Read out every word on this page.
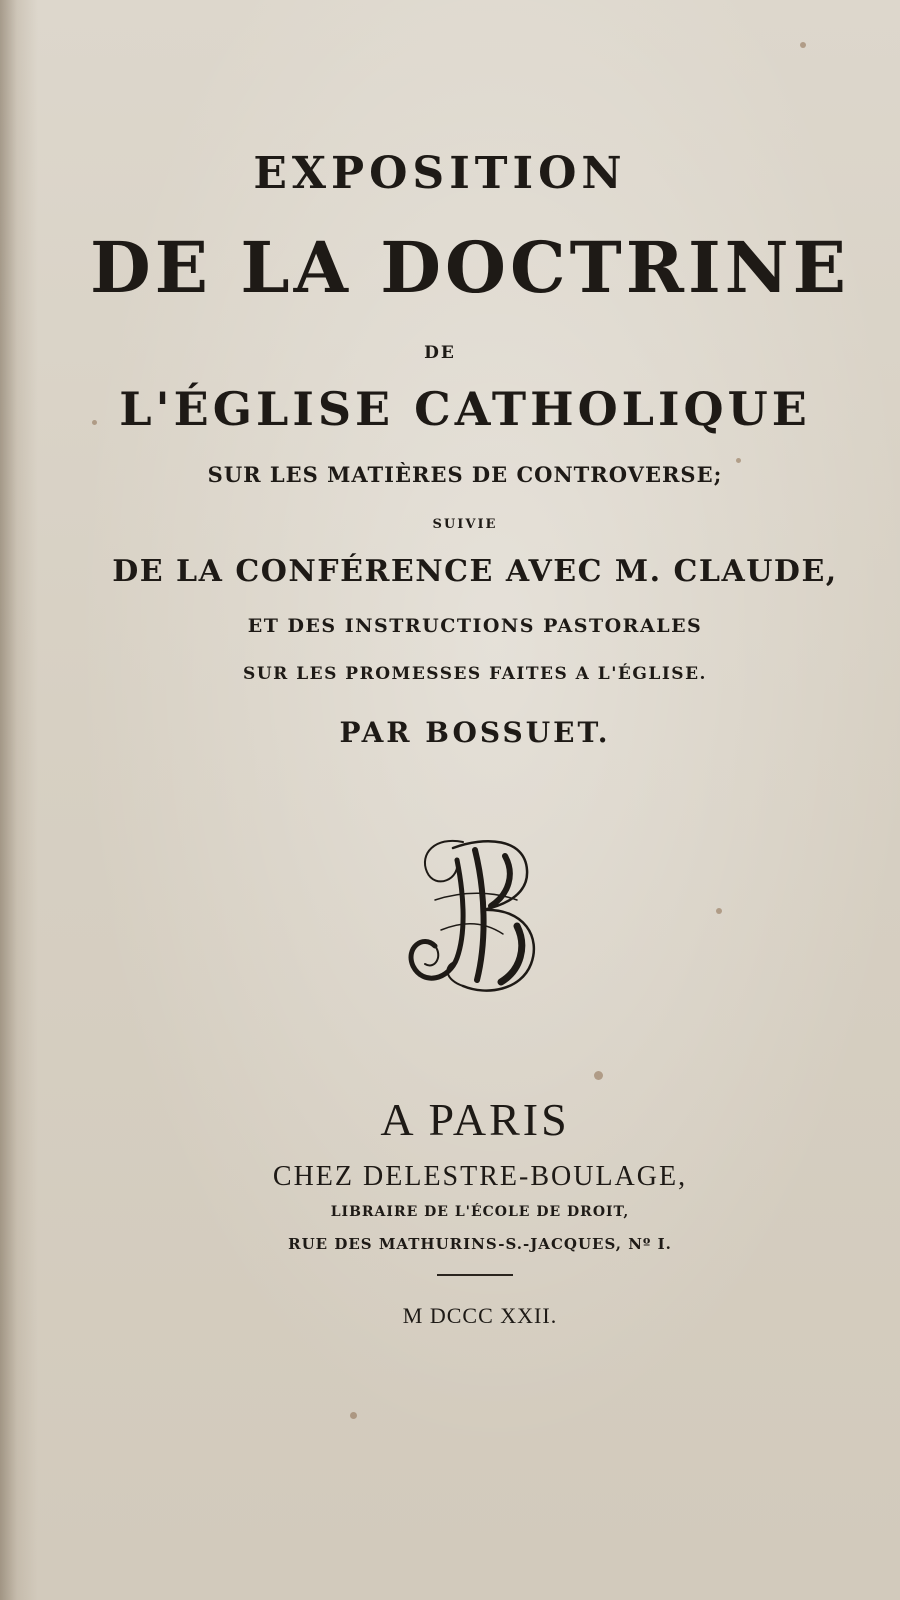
EXPOSITION

DE LA DOCTRINE

DE

L'ÉGLISE CATHOLIQUE

SUR LES MATIÈRES DE CONTROVERSE;

SUIVIE

DE LA CONFÉRENCE AVEC M. CLAUDE,

ET DES INSTRUCTIONS PASTORALES

SUR LES PROMESSES FAITES A L'ÉGLISE.

PAR BOSSUET.

A PARIS

CHEZ DELESTRE-BOULAGE,

LIBRAIRE DE L'ÉCOLE DE DROIT,

RUE DES MATHURINS-S.-JACQUES, Nº I.

M DCCC XXII.
